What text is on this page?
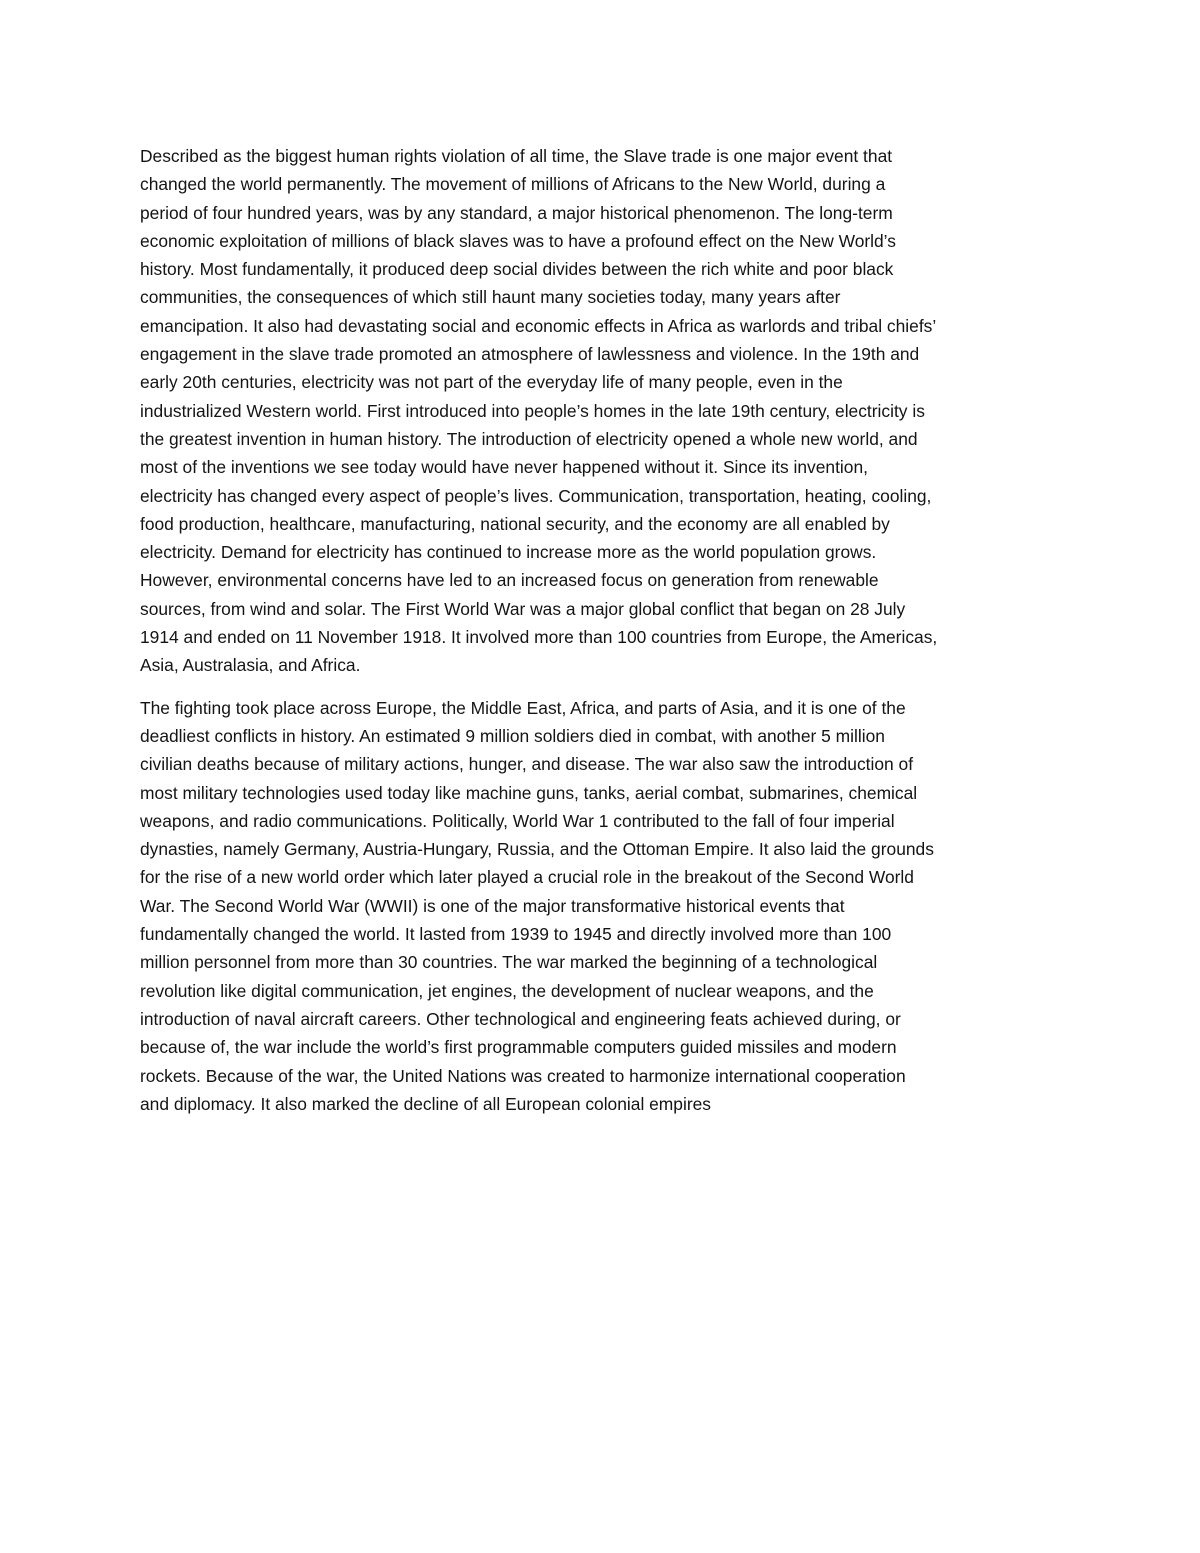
Described as the biggest human rights violation of all time, the Slave trade is one major event that
changed the world permanently. The movement of millions of Africans to the New World, during a
period of four hundred years, was by any standard, a major historical phenomenon. The long-term
economic exploitation of millions of black slaves was to have a profound effect on the New World’s
history. Most fundamentally, it produced deep social divides between the rich white and poor black
communities, the consequences of which still haunt many societies today, many years after
emancipation. It also had devastating social and economic effects in Africa as warlords and tribal chiefs’
engagement in the slave trade promoted an atmosphere of lawlessness and violence. In the 19th and
early 20th centuries, electricity was not part of the everyday life of many people, even in the
industrialized Western world. First introduced into people’s homes in the late 19th century, electricity is
the greatest invention in human history. The introduction of electricity opened a whole new world, and
most of the inventions we see today would have never happened without it. Since its invention,
electricity has changed every aspect of people’s lives. Communication, transportation, heating, cooling,
food production, healthcare, manufacturing, national security, and the economy are all enabled by
electricity. Demand for electricity has continued to increase more as the world population grows.
However, environmental concerns have led to an increased focus on generation from renewable
sources, from wind and solar. The First World War was a major global conflict that began on 28 July
1914 and ended on 11 November 1918. It involved more than 100 countries from Europe, the Americas,
Asia, Australasia, and Africa.

The fighting took place across Europe, the Middle East, Africa, and parts of Asia, and it is one of the
deadliest conflicts in history. An estimated 9 million soldiers died in combat, with another 5 million
civilian deaths because of military actions, hunger, and disease. The war also saw the introduction of
most military technologies used today like machine guns, tanks, aerial combat, submarines, chemical
weapons, and radio communications. Politically, World War 1 contributed to the fall of four imperial
dynasties, namely Germany, Austria-Hungary, Russia, and the Ottoman Empire. It also laid the grounds
for the rise of a new world order which later played a crucial role in the breakout of the Second World
War. The Second World War (WWII) is one of the major transformative historical events that
fundamentally changed the world. It lasted from 1939 to 1945 and directly involved more than 100
million personnel from more than 30 countries. The war marked the beginning of a technological
revolution like digital communication, jet engines, the development of nuclear weapons, and the
introduction of naval aircraft careers. Other technological and engineering feats achieved during, or
because of, the war include the world’s first programmable computers guided missiles and modern
rockets. Because of the war, the United Nations was created to harmonize international cooperation
and diplomacy. It also marked the decline of all European colonial empires
